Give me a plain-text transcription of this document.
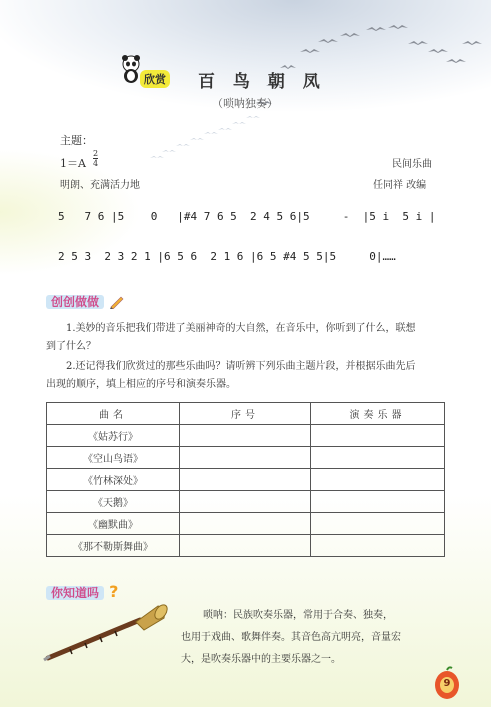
欣赏 百 鸟 朝 凤
（唢呐独奏）
主题：
1＝A
2
4	民间乐曲
明朗、充满活力地	任同祥 改编
5   7 6 |5    0   |#4 7 6 5  2 4 5 6|5     -  |5 i  5 i |
2 5 3  2 3 2 1 |6 5 6  2 1 6 |6 5 #4 5 5|5     0|……
创创做做
1.美妙的音乐把我们带进了美丽神奇的大自然，在音乐中，你听到了什么，联想
到了什么？
2.还记得我们欣赏过的那些乐曲吗？请听辨下列乐曲主题片段，并根据乐曲先后
出现的顺序，填上相应的序号和演奏乐器。
曲名	序号	演奏乐器
《姑苏行》		
《空山鸟语》		
《竹林深处》		
《天鹅》		
《幽默曲》		
《那不勒斯舞曲》		
你知道吗 ?
唢呐：民族吹奏乐器，常用于合奏、独奏，
也用于戏曲、歌舞伴奏。其音色高亢明亮，音量宏
大，是吹奏乐器中的主要乐器之一。
9
